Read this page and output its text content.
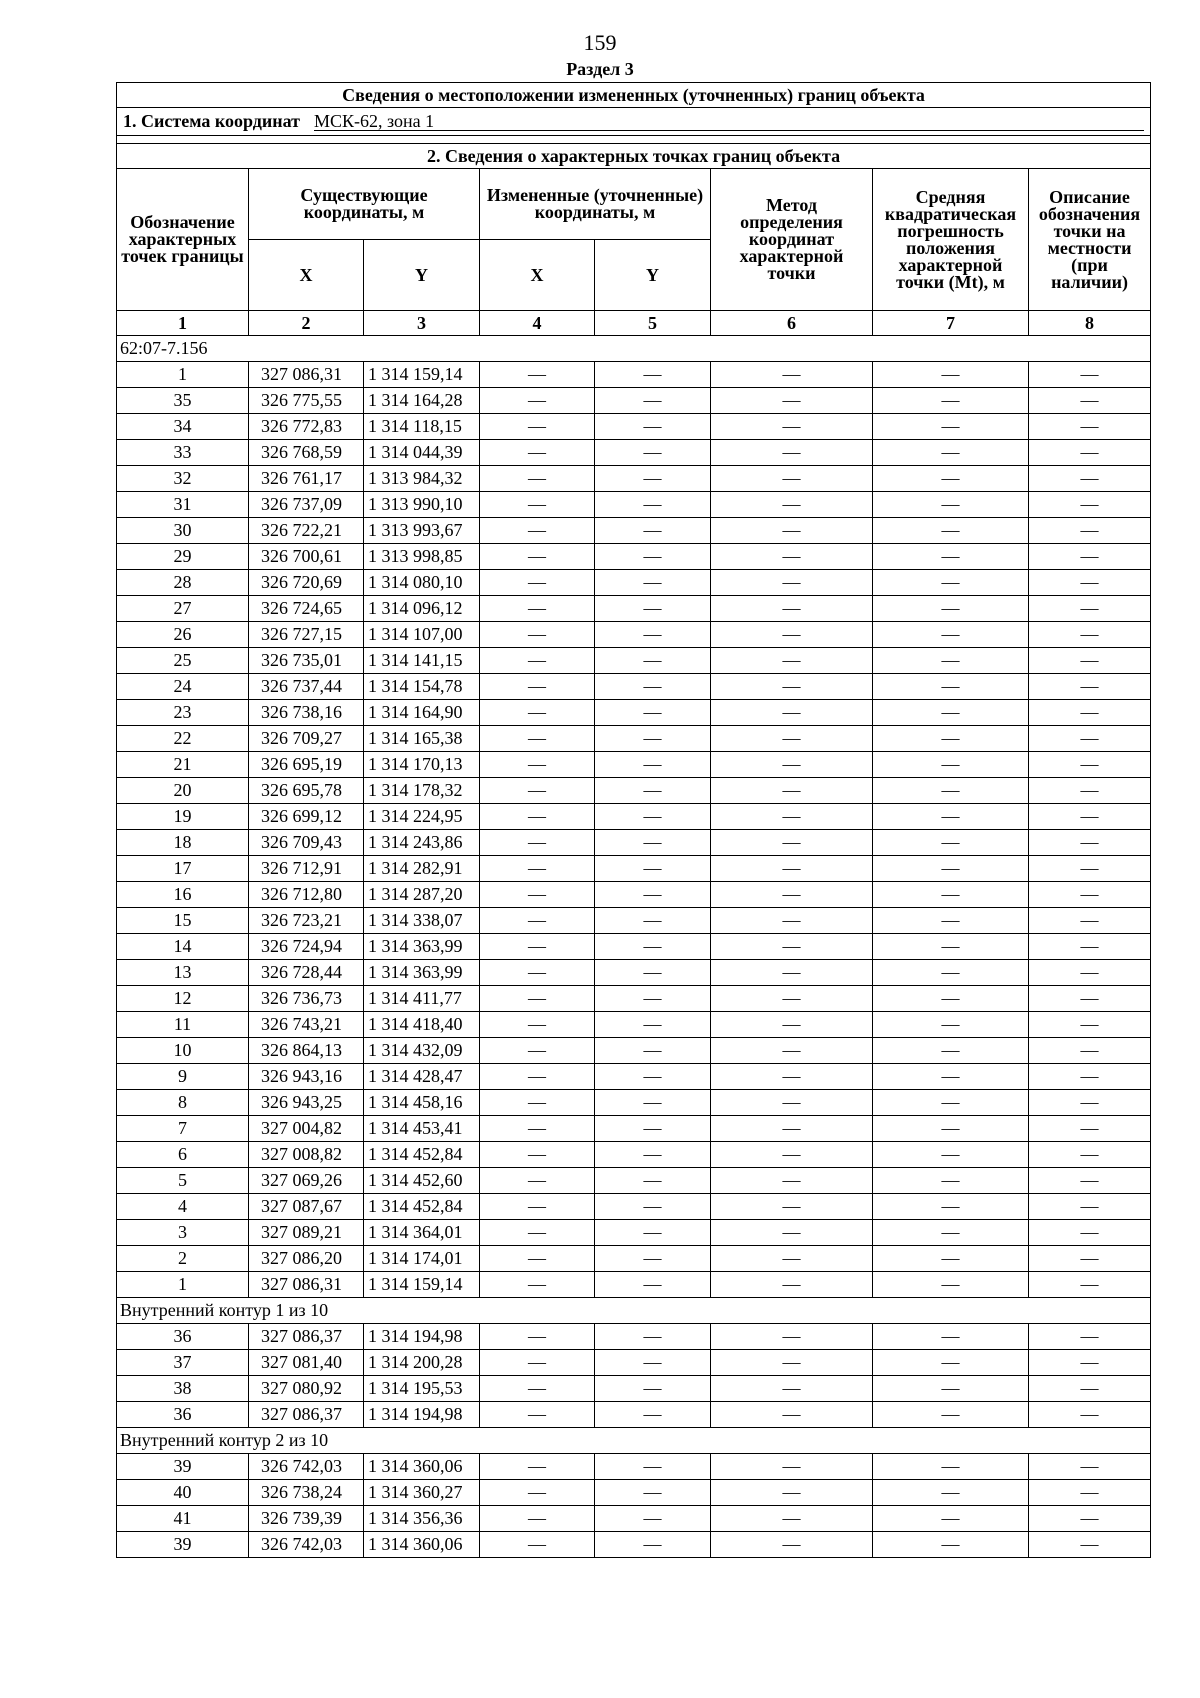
159
Раздел 3
Сведения о местоположении измененных (уточненных) границ объекта							
1. Система координат МСК-62, зона 1							

2. Сведения о характерных точках границ объекта							
Обозначение характерных точек границы	Существующие координаты, м		Измененные (уточненные) координаты, м		Метод определения координат характерной точки	Средняя квадратическая погрешность положения характерной точки (Mt), м	Описание обозначения точки на местности (при наличии)
	X	Y	X	Y			
1	2	3	4	5	6	7	8
62:07-7.156							
1	327 086,31	1 314 159,14	—	—	—	—	—
35	326 775,55	1 314 164,28	—	—	—	—	—
34	326 772,83	1 314 118,15	—	—	—	—	—
33	326 768,59	1 314 044,39	—	—	—	—	—
32	326 761,17	1 313 984,32	—	—	—	—	—
31	326 737,09	1 313 990,10	—	—	—	—	—
30	326 722,21	1 313 993,67	—	—	—	—	—
29	326 700,61	1 313 998,85	—	—	—	—	—
28	326 720,69	1 314 080,10	—	—	—	—	—
27	326 724,65	1 314 096,12	—	—	—	—	—
26	326 727,15	1 314 107,00	—	—	—	—	—
25	326 735,01	1 314 141,15	—	—	—	—	—
24	326 737,44	1 314 154,78	—	—	—	—	—
23	326 738,16	1 314 164,90	—	—	—	—	—
22	326 709,27	1 314 165,38	—	—	—	—	—
21	326 695,19	1 314 170,13	—	—	—	—	—
20	326 695,78	1 314 178,32	—	—	—	—	—
19	326 699,12	1 314 224,95	—	—	—	—	—
18	326 709,43	1 314 243,86	—	—	—	—	—
17	326 712,91	1 314 282,91	—	—	—	—	—
16	326 712,80	1 314 287,20	—	—	—	—	—
15	326 723,21	1 314 338,07	—	—	—	—	—
14	326 724,94	1 314 363,99	—	—	—	—	—
13	326 728,44	1 314 363,99	—	—	—	—	—
12	326 736,73	1 314 411,77	—	—	—	—	—
11	326 743,21	1 314 418,40	—	—	—	—	—
10	326 864,13	1 314 432,09	—	—	—	—	—
9	326 943,16	1 314 428,47	—	—	—	—	—
8	326 943,25	1 314 458,16	—	—	—	—	—
7	327 004,82	1 314 453,41	—	—	—	—	—
6	327 008,82	1 314 452,84	—	—	—	—	—
5	327 069,26	1 314 452,60	—	—	—	—	—
4	327 087,67	1 314 452,84	—	—	—	—	—
3	327 089,21	1 314 364,01	—	—	—	—	—
2	327 086,20	1 314 174,01	—	—	—	—	—
1	327 086,31	1 314 159,14	—	—	—	—	—
Внутренний контур 1 из 10							
36	327 086,37	1 314 194,98	—	—	—	—	—
37	327 081,40	1 314 200,28	—	—	—	—	—
38	327 080,92	1 314 195,53	—	—	—	—	—
36	327 086,37	1 314 194,98	—	—	—	—	—
Внутренний контур 2 из 10							
39	326 742,03	1 314 360,06	—	—	—	—	—
40	326 738,24	1 314 360,27	—	—	—	—	—
41	326 739,39	1 314 356,36	—	—	—	—	—
39	326 742,03	1 314 360,06	—	—	—	—	—
